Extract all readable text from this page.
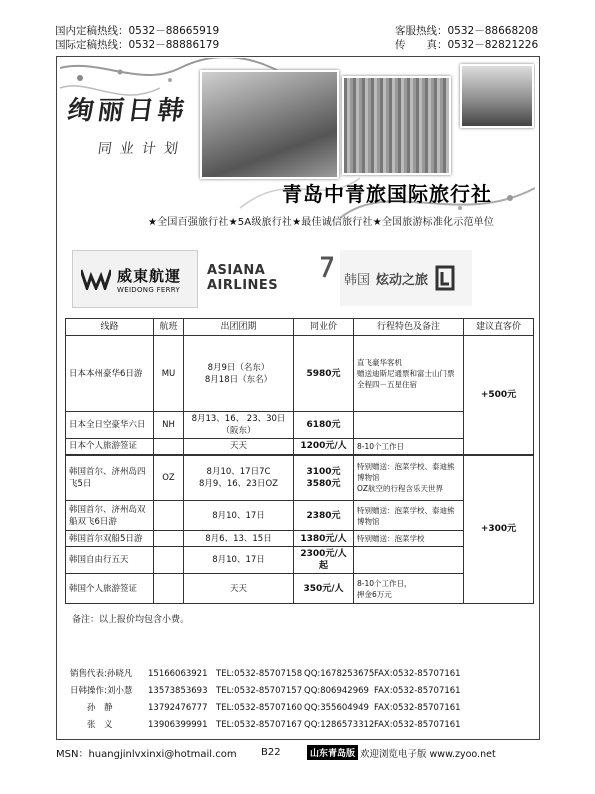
国内定稿热线：0532－88665919
国际定稿热线：0532－88886179
客服热线：0532－88668208
传　　真：0532－82821226
绚丽日韩
同业计划
青岛中青旅国际旅行社
★全国百强旅行社★5A级旅行社★最佳诚信旅行社★全国旅游标准化示范单位
威東航運
WEIDONG FERRY
ASIANA AIRLINES	韩国 炫动之旅
线路	航班	出团团期	同业价	行程特色及备注	建议直客价
日本本州豪华6日游	MU	8月9日（名东）
8月18日（东名）	5980元	直飞豪华客机
赠送迪斯尼通票和富士山门票
全程四－五星住宿	+500元
日本全日空豪华六日	NH	8月13、16、 23、30日（阪东）	6180元		
日本个人旅游签证		天天	1200元/人	8-10个工作日	
韩国首尔、济州岛四飞5日	OZ	8月10、17日7C
8月9、16、23日OZ	3100元
3580元	特别赠送：泡菜学校、泰迪熊博物馆
OZ航空的行程含乐天世界	+300元
韩国首尔、济州岛双船双飞6日游		8月10、17日	2380元	特别赠送：泡菜学校、泰迪熊博物馆	
韩国首尔双船5日游		8月6、13、15日	1380元/人	特别赠送：泡菜学校	
韩国自由行五天		8月10、17日	2300元/人起		
韩国个人旅游签证		天天	350元/人	8-10个工作日，
押金6万元	
备注：以上报价均包含小费。
销售代表:孙晓凡	15166063921	TEL:0532-85707158 QQ:1678253675 FAX:0532-85707161
日韩操作:刘小慧	13573853693	TEL:0532-85707157 QQ:806942969 FAX:0532-85707161
　　孙　静	13792476777	TEL:0532-85707160 QQ:355604949 FAX:0532-85707161
　　张　义	13906399991	TEL:0532-85707167 QQ:1286573312 FAX:0532-85707161
MSN：huangjinlvxinxi@hotmail.com	B22	山东青岛版 欢迎浏览电子版 www.zyoo.net
